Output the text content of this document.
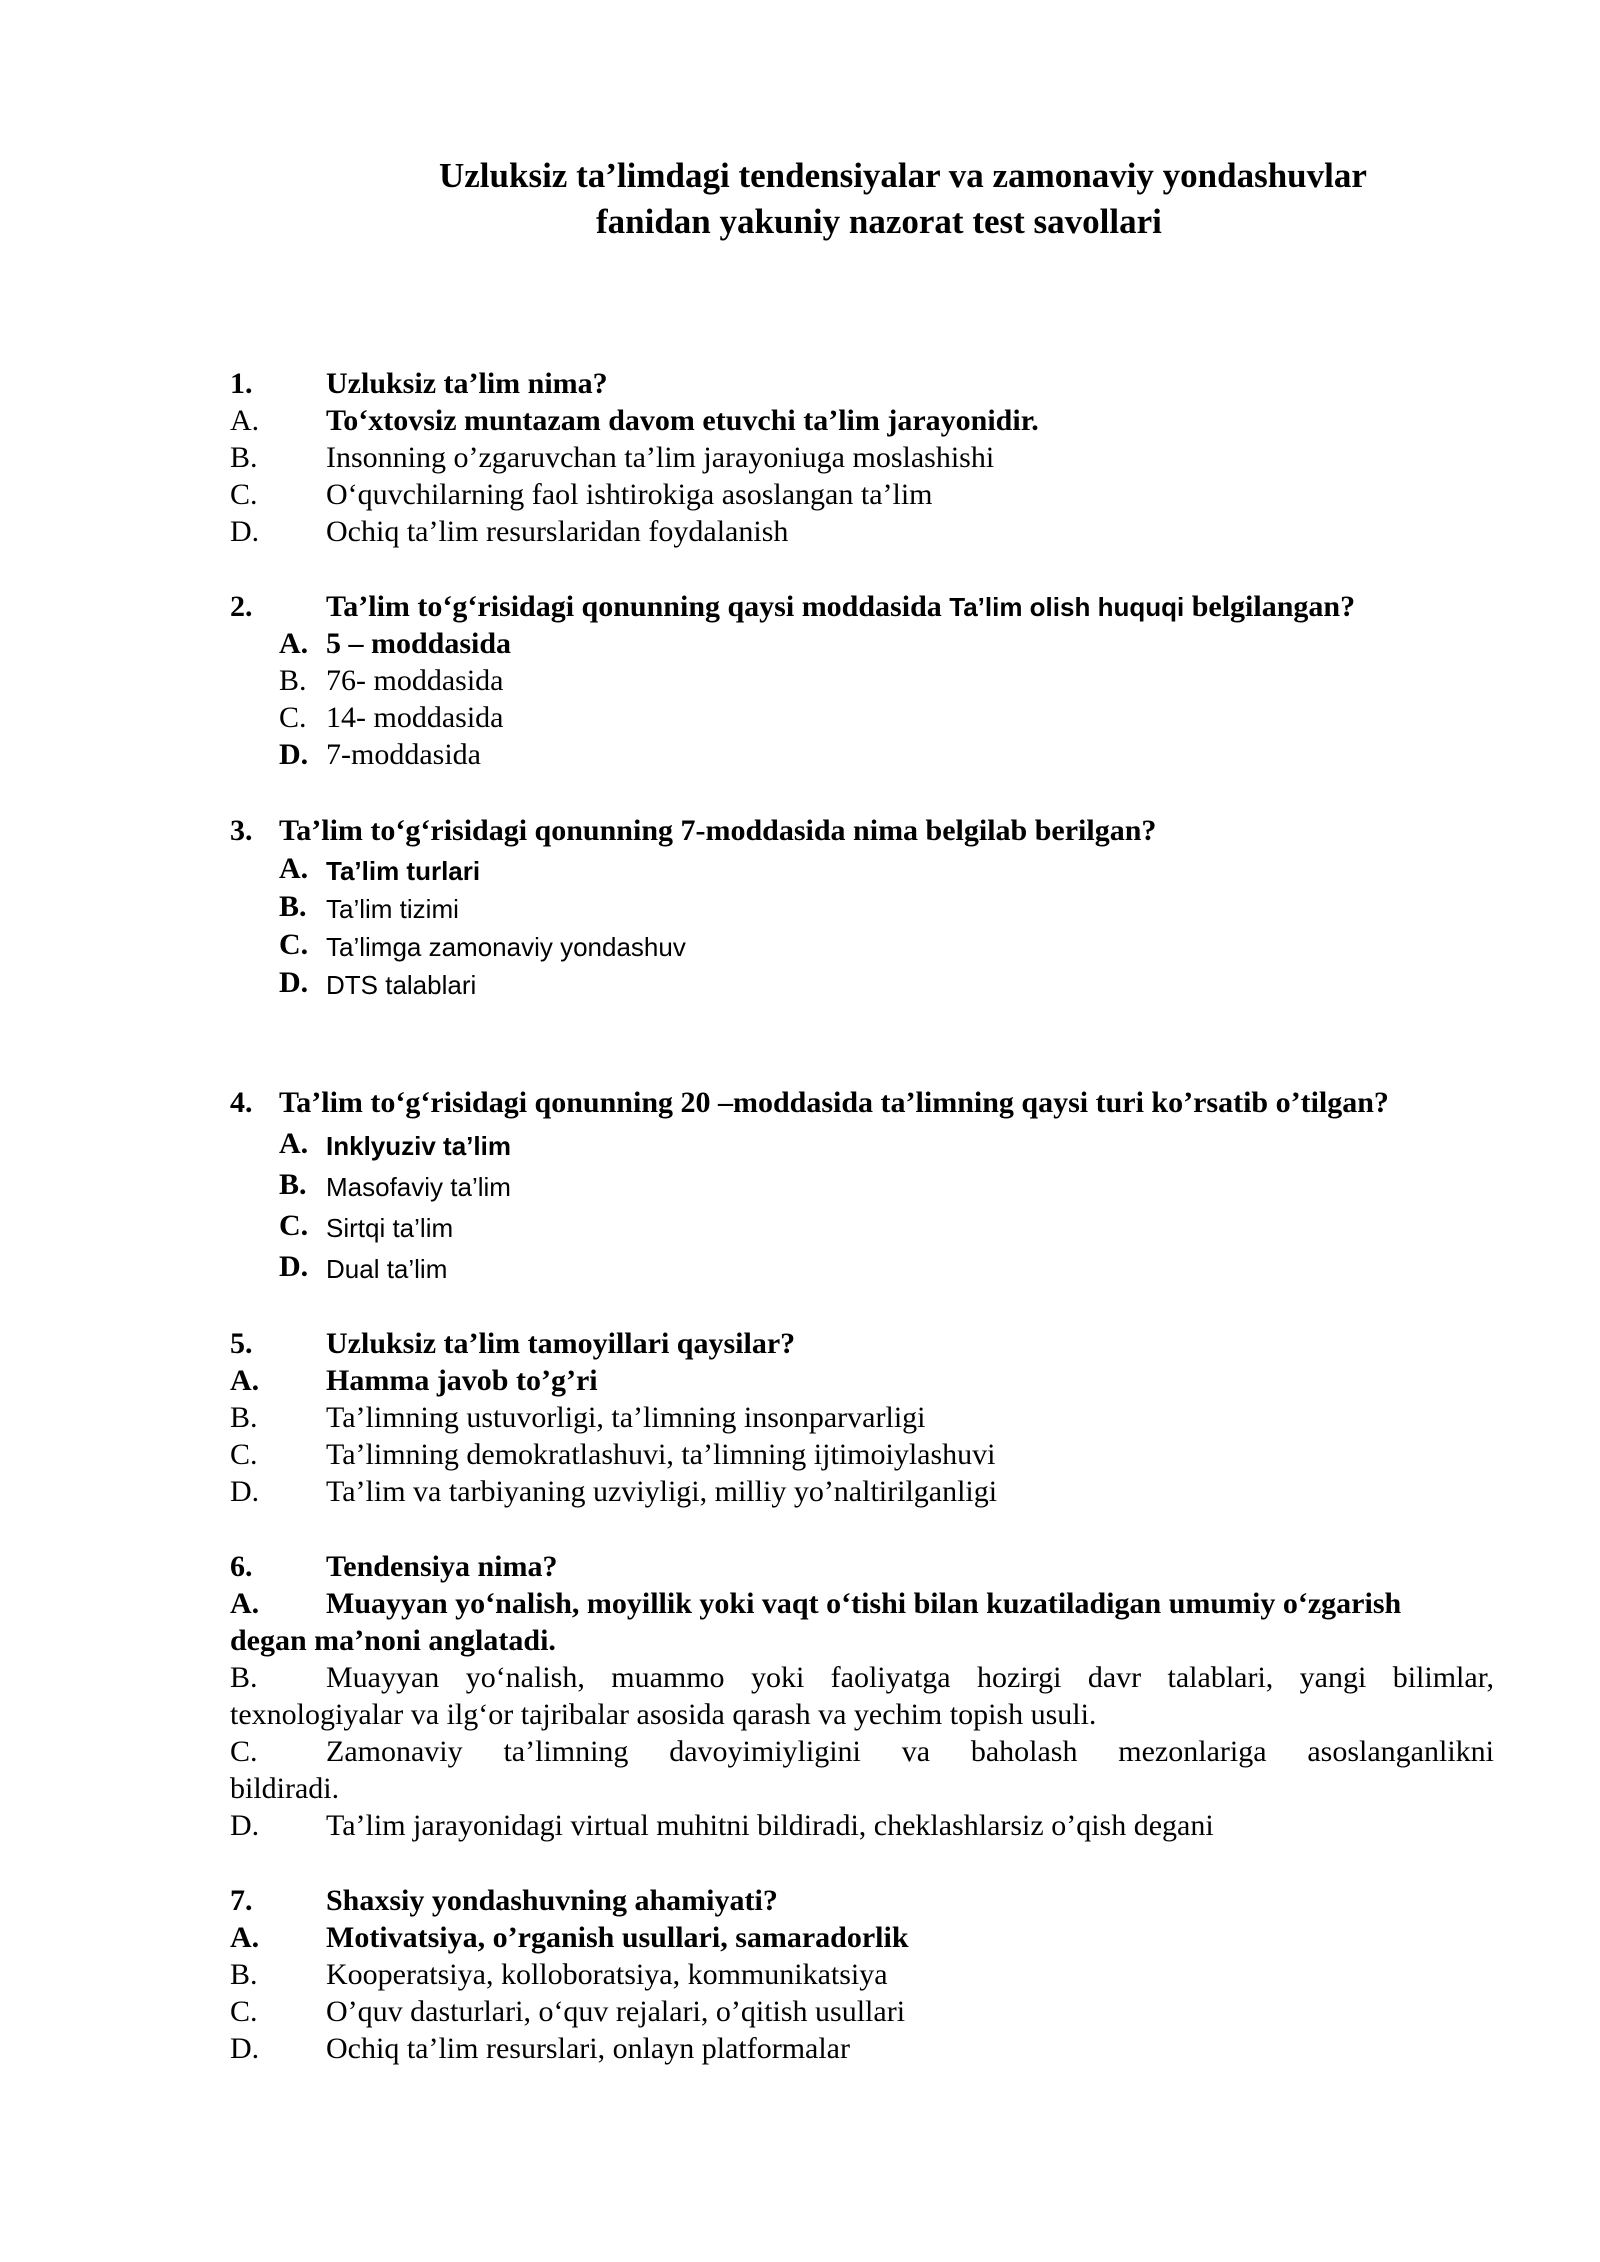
Uzluksiz ta’limdagi tendensiyalar va zamonaviy yondashuvlar
fanidan yakuniy nazorat test savollari
1. Uzluksiz ta’lim nima?
A. To‘xtovsiz muntazam davom etuvchi ta’lim jarayonidir.
B. Insonning o’zgaruvchan ta’lim jarayoniuga moslashishi
C. O‘quvchilarning faol ishtirokiga asoslangan ta’lim
D. Ochiq ta’lim resurslaridan foydalanish
2. Ta’lim to‘g‘risidagi qonunning qaysi moddasida Ta’lim olish huquqi belgilangan?
A. 5 – moddasida
B. 76- moddasida
C. 14- moddasida
D. 7-moddasida
3. Ta’lim to‘g‘risidagi qonunning 7-moddasida nima belgilab berilgan?
A. Ta’lim turlari
B. Ta’lim tizimi
C. Ta’limga zamonaviy yondashuv
D. DTS talablari
4. Ta’lim to‘g‘risidagi qonunning 20 –moddasida ta’limning qaysi turi ko’rsatib o’tilgan?
A. Inklyuziv ta’lim
B. Masofaviy ta’lim
C. Sirtqi ta’lim
D. Dual ta’lim
5. Uzluksiz ta’lim tamoyillari qaysilar?
A. Hamma javob to’g’ri
B. Ta’limning ustuvorligi, ta’limning insonparvarligi
C. Ta’limning demokratlashuvi, ta’limning ijtimoiylashuvi
D. Ta’lim va tarbiyaning uzviyligi, milliy yo’naltirilganligi
6. Tendensiya nima?
A. Muayyan yo‘nalish, moyillik yoki vaqt o‘tishi bilan kuzatiladigan umumiy o‘zgarish
degan ma’noni anglatadi.
B. Muayyan yo‘nalish, muammo yoki faoliyatga hozirgi davr talablari, yangi bilimlar,
texnologiyalar va ilg‘or tajribalar asosida qarash va yechim topish usuli.
C. Zamonaviy ta’limning davoyimiyligini va baholash mezonlariga asoslanganlikni
bildiradi.
D. Ta’lim jarayonidagi virtual muhitni bildiradi, cheklashlarsiz o’qish degani
7. Shaxsiy yondashuvning ahamiyati?
A. Motivatsiya, o’rganish usullari, samaradorlik
B. Kooperatsiya, kolloboratsiya, kommunikatsiya
C. O’quv dasturlari, o‘quv rejalari, o’qitish usullari
D. Ochiq ta’lim resurslari, onlayn platformalar
